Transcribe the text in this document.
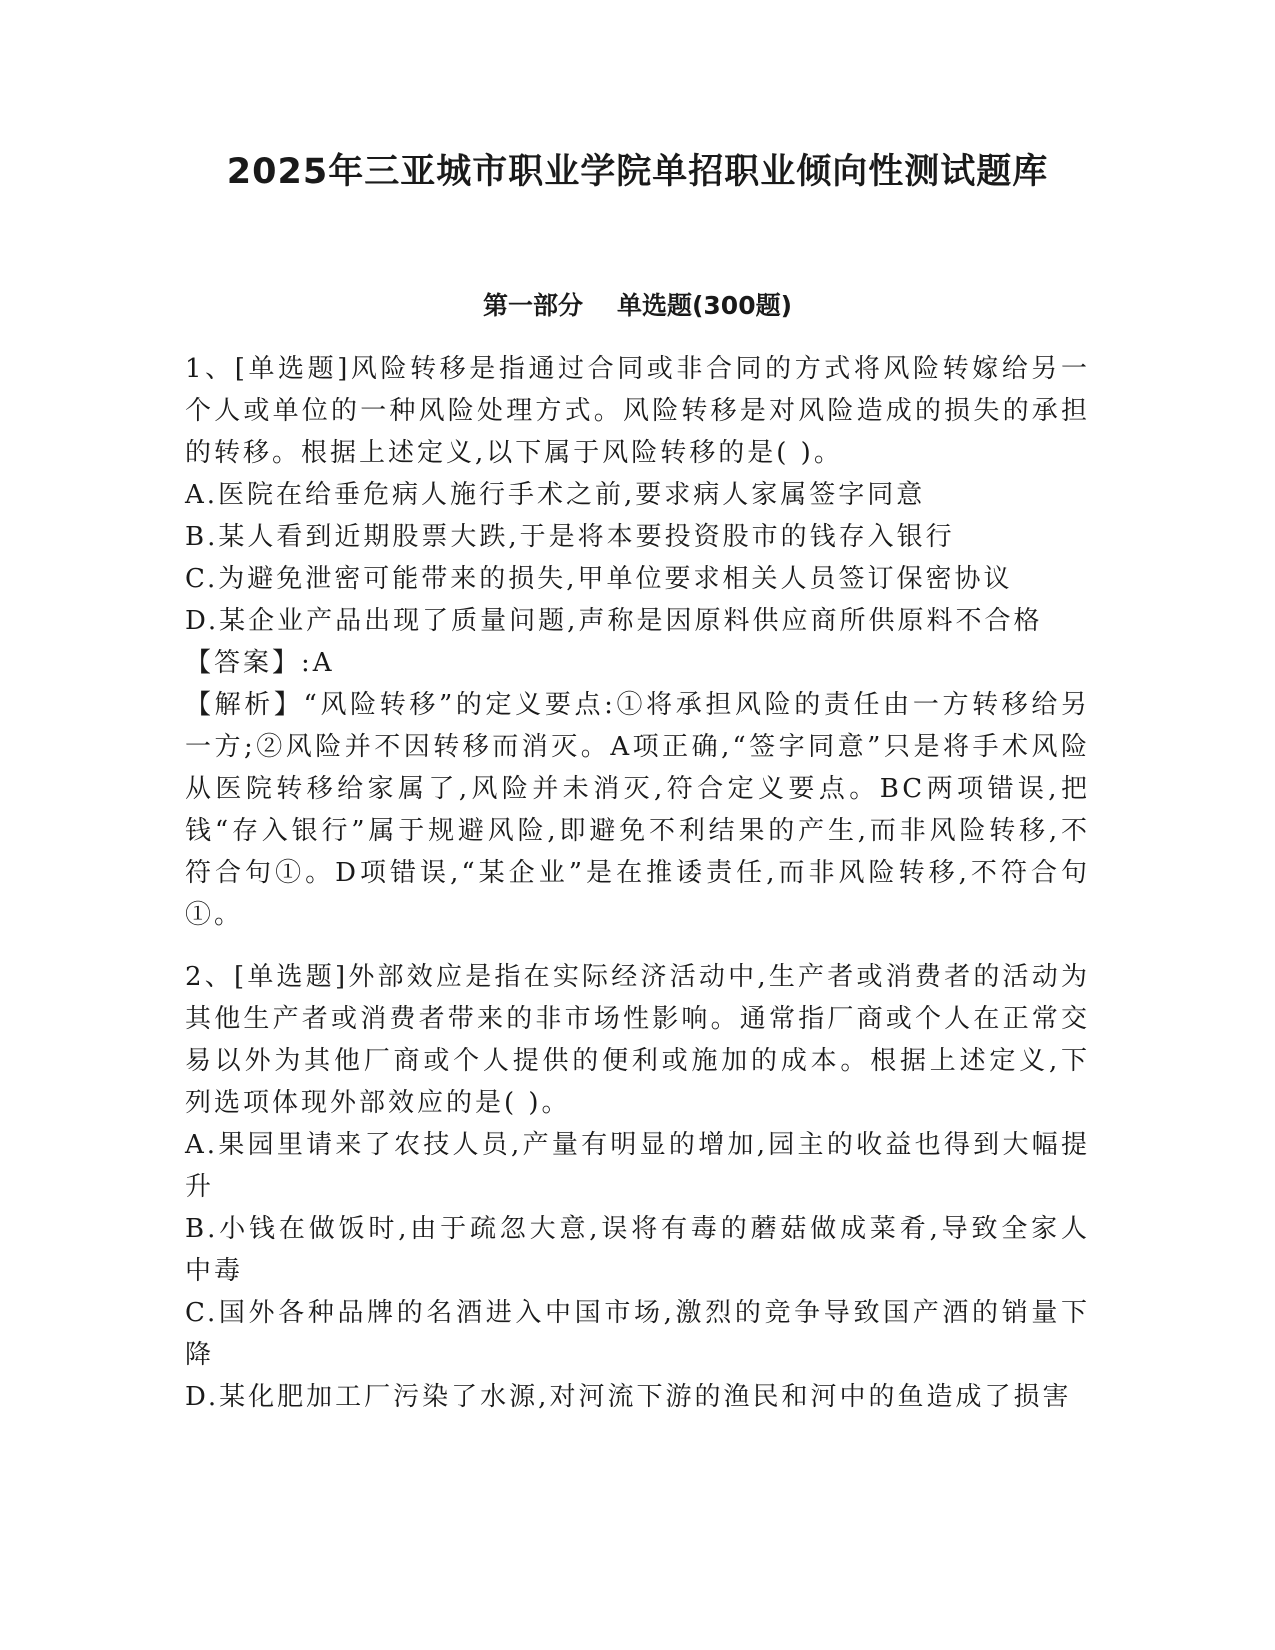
2025年三亚城市职业学院单招职业倾向性测试题库
第一部分 单选题(300题)

1、[单选题]风险转移是指通过合同或非合同的方式将风险转嫁给另一个人或单位的一种风险处理方式。风险转移是对风险造成的损失的承担的转移。根据上述定义,以下属于风险转移的是( )。

A.医院在给垂危病人施行手术之前,要求病人家属签字同意

B.某人看到近期股票大跌,于是将本要投资股市的钱存入银行

C.为避免泄密可能带来的损失,甲单位要求相关人员签订保密协议

D.某企业产品出现了质量问题,声称是因原料供应商所供原料不合格

【答案】:A

【解析】“风险转移”的定义要点:①将承担风险的责任由一方转移给另一方;②风险并不因转移而消灭。A项正确,“签字同意”只是将手术风险从医院转移给家属了,风险并未消灭,符合定义要点。BC两项错误,把钱“存入银行”属于规避风险,即避免不利结果的产生,而非风险转移,不符合句①。D项错误,“某企业”是在推诿责任,而非风险转移,不符合句①。

2、[单选题]外部效应是指在实际经济活动中,生产者或消费者的活动为其他生产者或消费者带来的非市场性影响。通常指厂商或个人在正常交易以外为其他厂商或个人提供的便利或施加的成本。根据上述定义,下列选项体现外部效应的是( )。

A.果园里请来了农技人员,产量有明显的增加,园主的收益也得到大幅提升

B.小钱在做饭时,由于疏忽大意,误将有毒的蘑菇做成菜肴,导致全家人中毒

C.国外各种品牌的名酒进入中国市场,激烈的竞争导致国产酒的销量下降

D.某化肥加工厂污染了水源,对河流下游的渔民和河中的鱼造成了损害
